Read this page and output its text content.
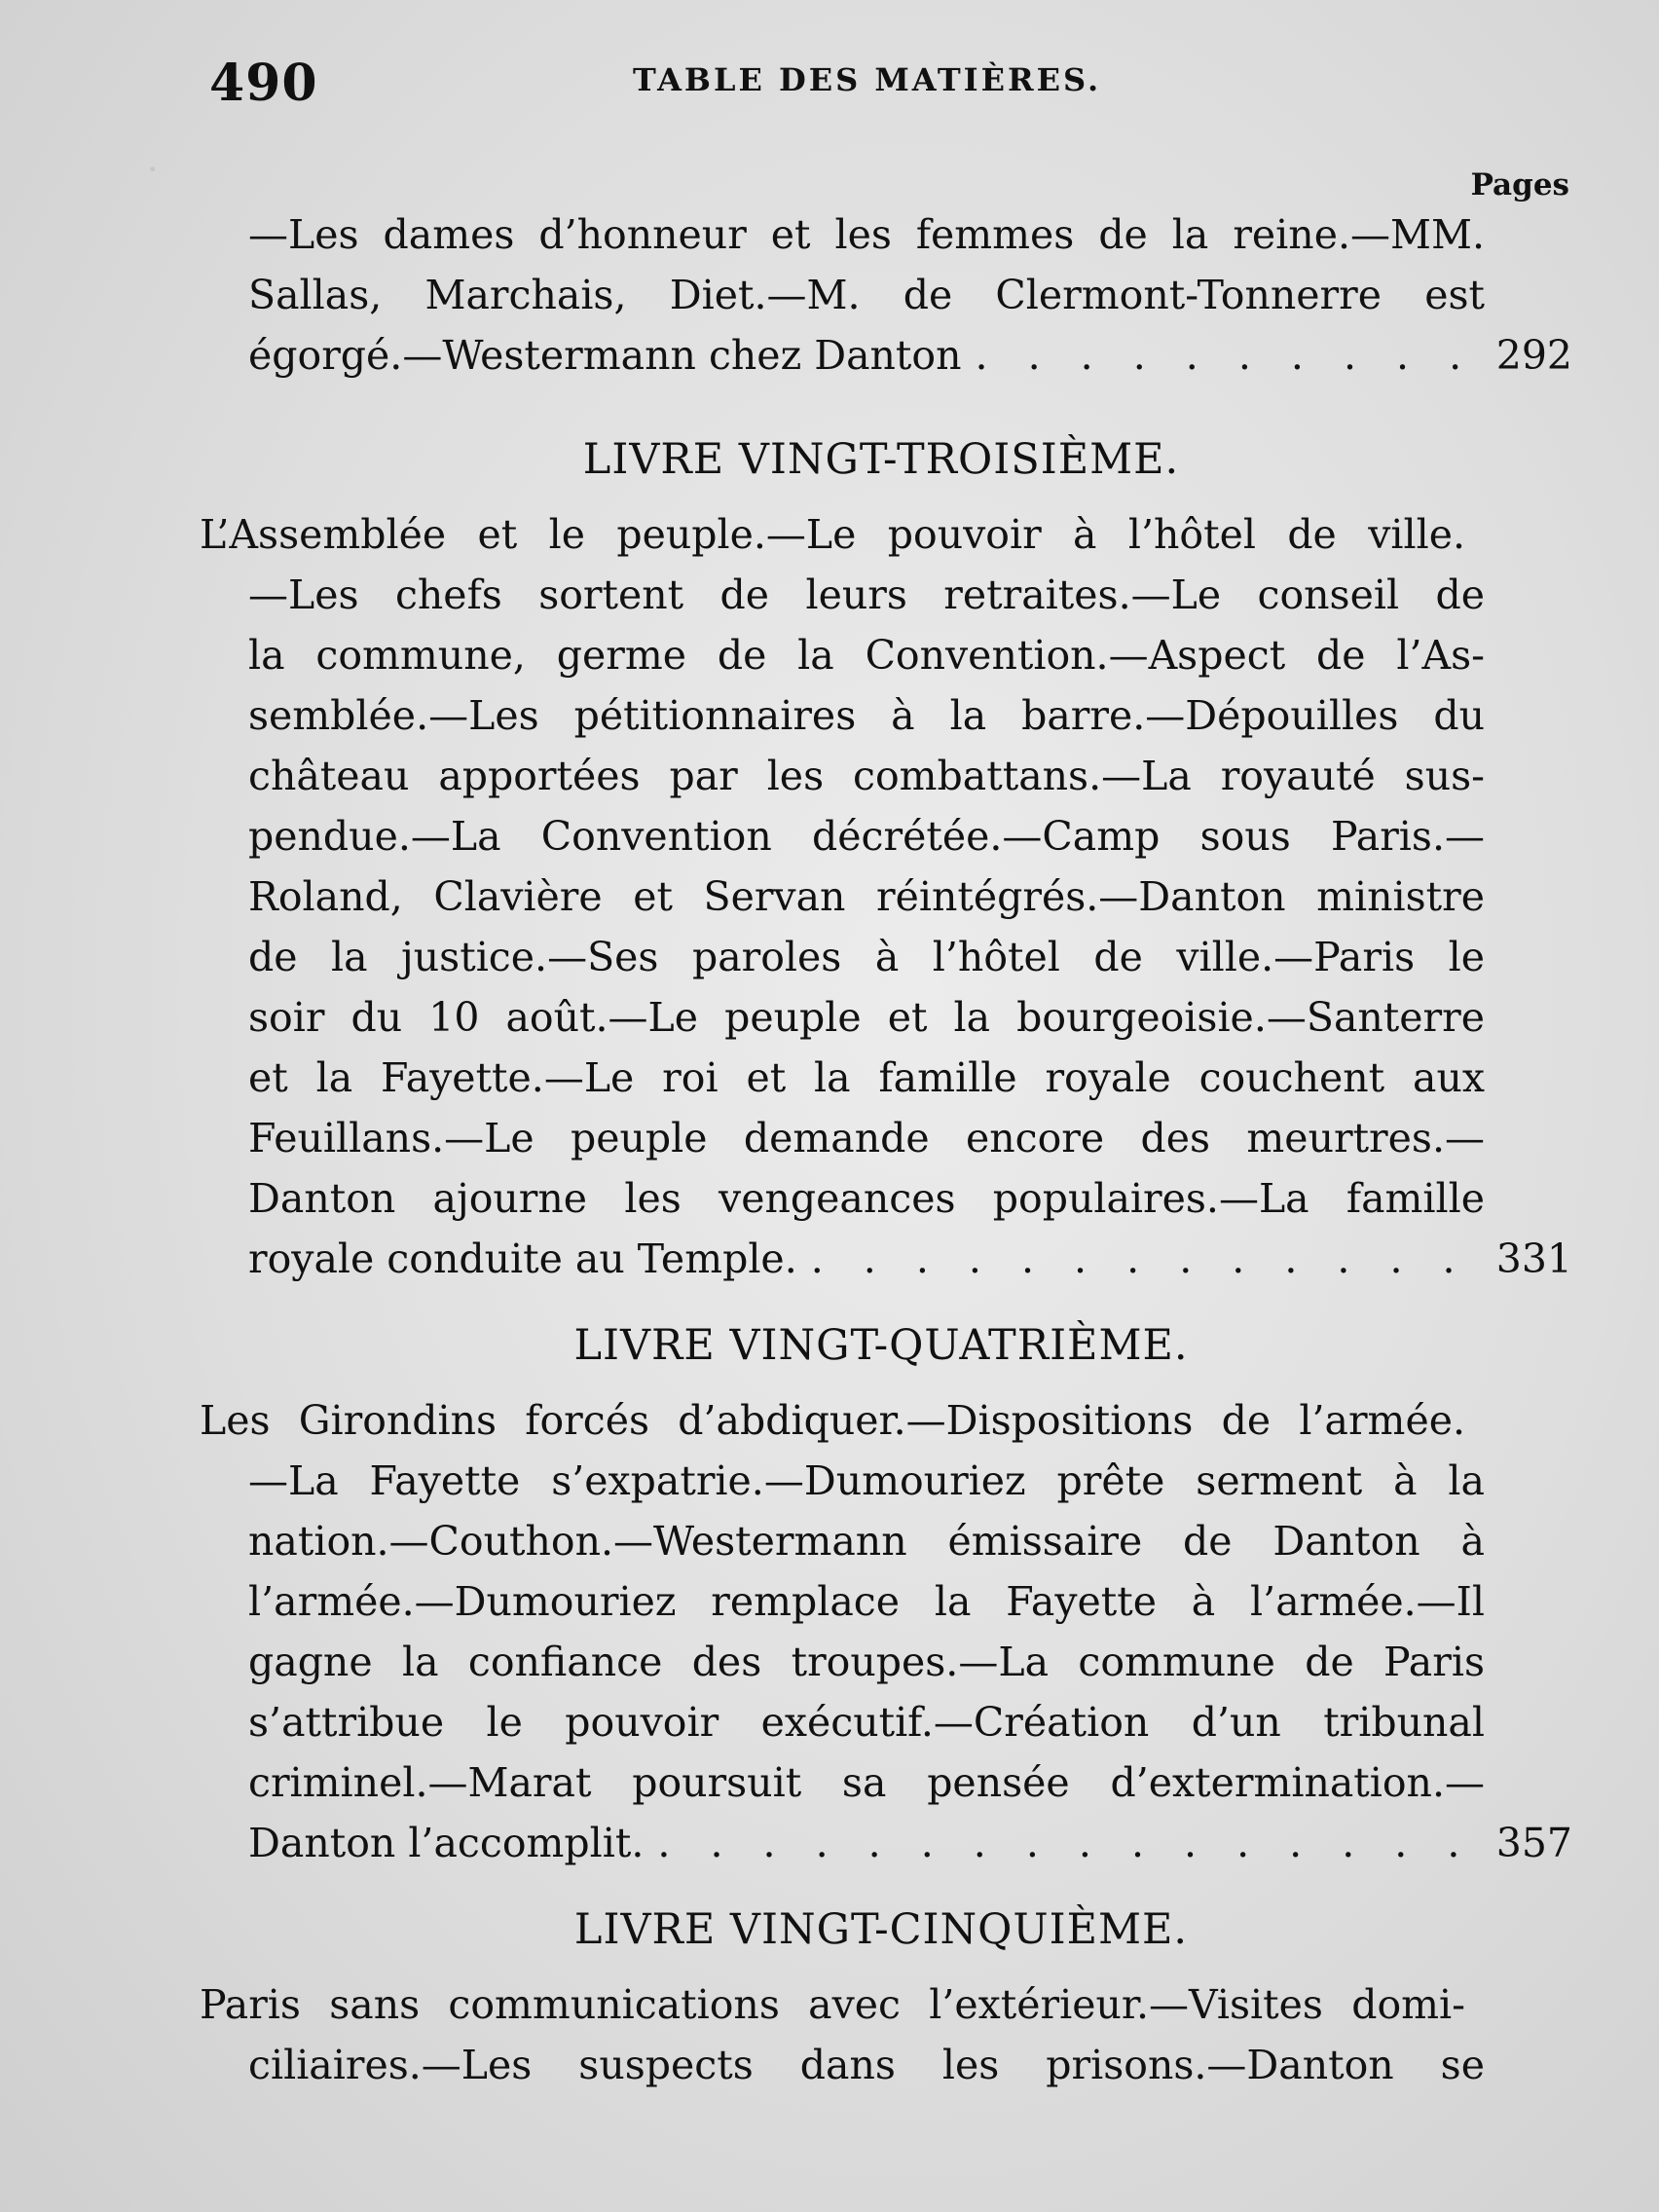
·
490	TABLE DES MATIÈRES.
Pages
—Les dames d’honneur et les femmes de la reine.—MM.
Sallas, Marchais, Diet.—M. de Clermont-Tonnerre est
égorgé.—Westermann chez Danton . . .	292
LIVRE VINGT-TROISIÈME.
L’Assemblée et le peuple.—Le pouvoir à l’hôtel de ville.
—Les chefs sortent de leurs retraites.—Le conseil de
la commune, germe de la Convention.—Aspect de l’As-
semblée.—Les pétitionnaires à la barre.—Dépouilles du
château apportées par les combattans.—La royauté sus-
pendue.—La Convention décrétée.—Camp sous Paris.—
Roland, Clavière et Servan réintégrés.—Danton ministre
de la justice.—Ses paroles à l’hôtel de ville.—Paris le
soir du 10 août.—Le peuple et la bourgeoisie.—Santerre
et la Fayette.—Le roi et la famille royale couchent aux
Feuillans.—Le peuple demande encore des meurtres.—
Danton ajourne les vengeances populaires.—La famille
royale conduite au Temple. . . .	331
LIVRE VINGT-QUATRIÈME.
Les Girondins forcés d’abdiquer.—Dispositions de l’armée.
—La Fayette s’expatrie.—Dumouriez prête serment à la
nation.—Couthon.—Westermann émissaire de Danton à
l’armée.—Dumouriez remplace la Fayette à l’armée.—Il
gagne la confiance des troupes.—La commune de Paris
s’attribue le pouvoir exécutif.—Création d’un tribunal
criminel.—Marat poursuit sa pensée d’extermination.—
Danton l’accomplit. . . .	357
LIVRE VINGT-CINQUIÈME.
Paris sans communications avec l’extérieur.—Visites domi-
ciliaires.—Les suspects dans les prisons.—Danton se
